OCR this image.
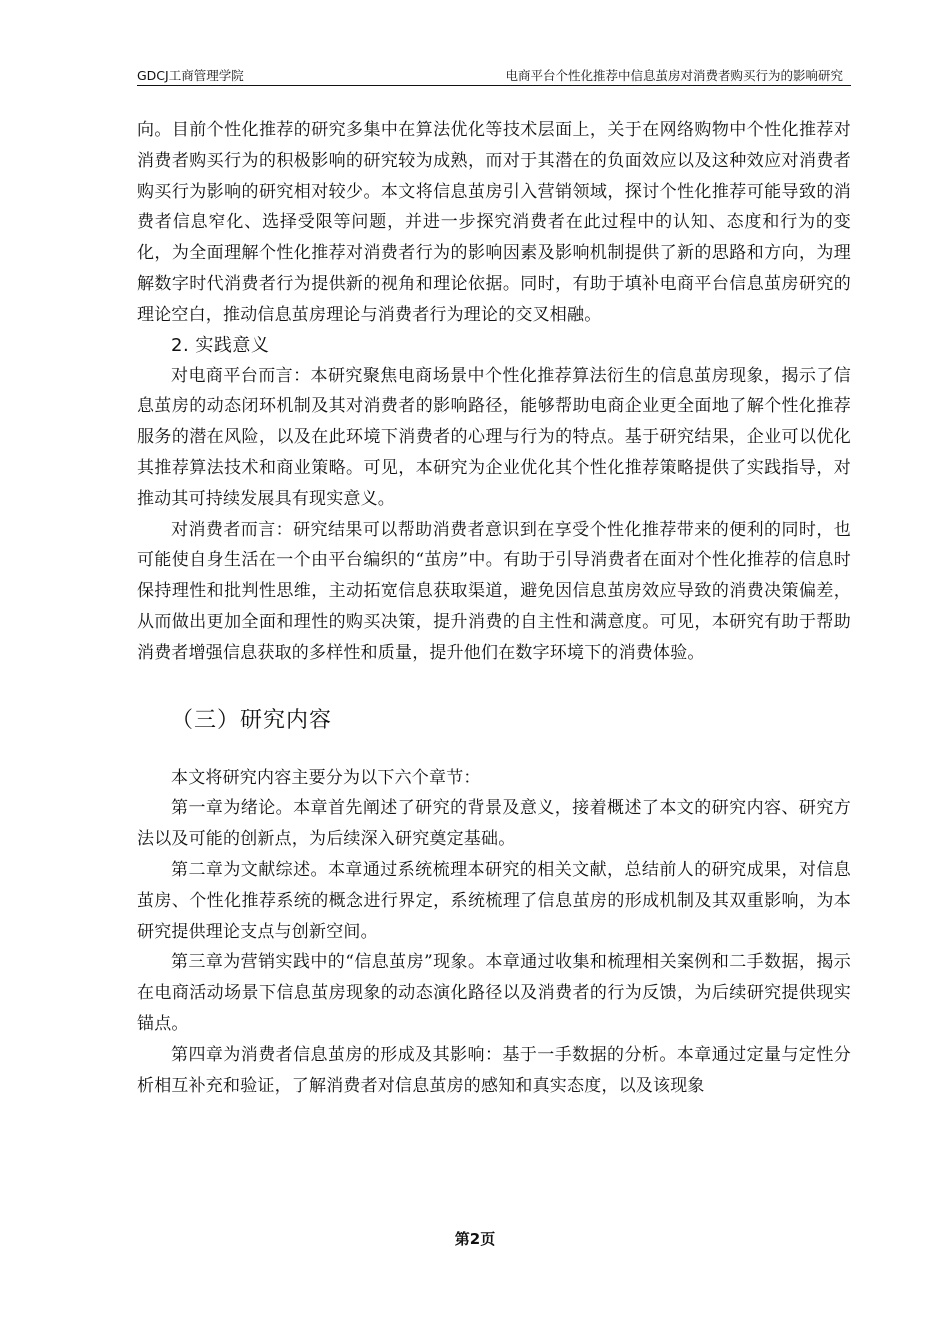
GDCJ工商管理学院	电商平台个性化推荐中信息茧房对消费者购买行为的影响研究

向。目前个性化推荐的研究多集中在算法优化等技术层面上，关于在网络购物中个性化推荐对消费者购买行为的积极影响的研究较为成熟，而对于其潜在的负面效应以及这种效应对消费者购买行为影响的研究相对较少。本文将信息茧房引入营销领域，探讨个性化推荐可能导致的消费者信息窄化、选择受限等问题，并进一步探究消费者在此过程中的认知、态度和行为的变化，为全面理解个性化推荐对消费者行为的影响因素及影响机制提供了新的思路和方向，为理解数字时代消费者行为提供新的视角和理论依据。同时，有助于填补电商平台信息茧房研究的理论空白，推动信息茧房理论与消费者行为理论的交叉相融。

2. 实践意义

对电商平台而言：本研究聚焦电商场景中个性化推荐算法衍生的信息茧房现象，揭示了信息茧房的动态闭环机制及其对消费者的影响路径，能够帮助电商企业更全面地了解个性化推荐服务的潜在风险，以及在此环境下消费者的心理与行为的特点。基于研究结果，企业可以优化其推荐算法技术和商业策略。可见，本研究为企业优化其个性化推荐策略提供了实践指导，对推动其可持续发展具有现实意义。

对消费者而言：研究结果可以帮助消费者意识到在享受个性化推荐带来的便利的同时，也可能使自身生活在一个由平台编织的“茧房”中。有助于引导消费者在面对个性化推荐的信息时保持理性和批判性思维，主动拓宽信息获取渠道，避免因信息茧房效应导致的消费决策偏差，从而做出更加全面和理性的购买决策，提升消费的自主性和满意度。可见，本研究有助于帮助消费者增强信息获取的多样性和质量，提升他们在数字环境下的消费体验。

（三）研究内容

本文将研究内容主要分为以下六个章节：

第一章为绪论。本章首先阐述了研究的背景及意义，接着概述了本文的研究内容、研究方法以及可能的创新点，为后续深入研究奠定基础。

第二章为文献综述。本章通过系统梳理本研究的相关文献，总结前人的研究成果，对信息茧房、个性化推荐系统的概念进行界定，系统梳理了信息茧房的形成机制及其双重影响，为本研究提供理论支点与创新空间。

第三章为营销实践中的“信息茧房”现象。本章通过收集和梳理相关案例和二手数据，揭示在电商活动场景下信息茧房现象的动态演化路径以及消费者的行为反馈，为后续研究提供现实锚点。

第四章为消费者信息茧房的形成及其影响：基于一手数据的分析。本章通过定量与定性分析相互补充和验证，了解消费者对信息茧房的感知和真实态度，以及该现象

第2页
